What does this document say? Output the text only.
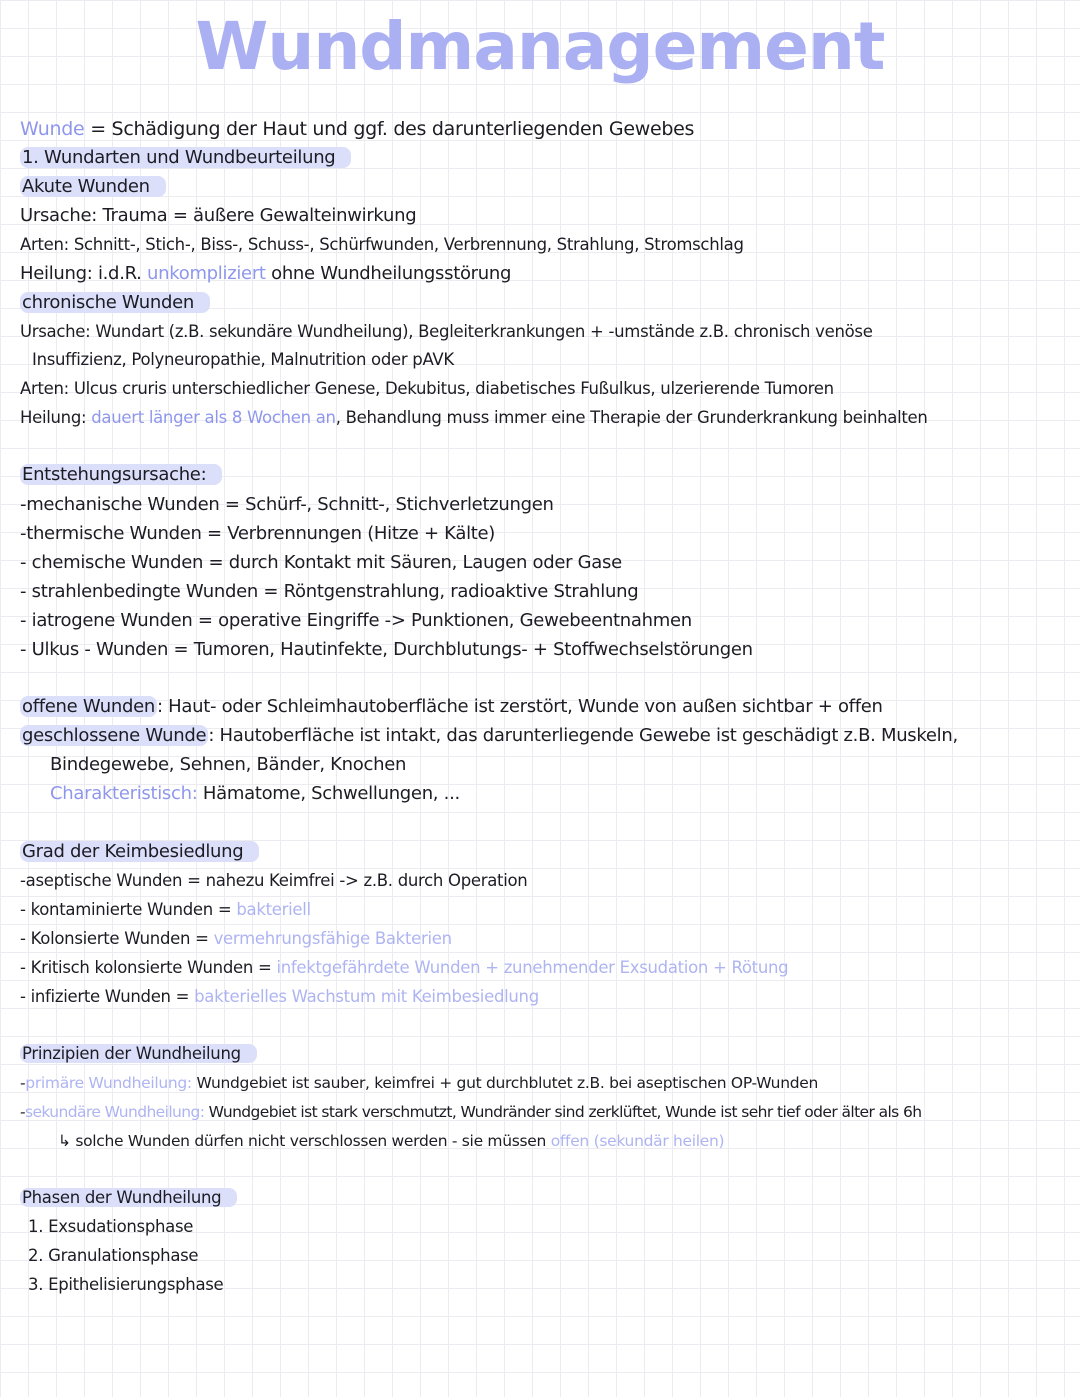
Wundmanagement
Wunde = Schädigung der Haut und ggf. des darunterliegenden Gewebes
1. Wundarten und Wundbeurteilung
Akute Wunden
Ursache: Trauma = äußere Gewalteinwirkung
Arten: Schnitt-, Stich-, Biss-, Schuss-, Schürfwunden, Verbrennung, Strahlung, Stromschlag
Heilung: i.d.R. unkompliziert ohne Wundheilungsstörung
chronische Wunden
Ursache: Wundart (z.B. sekundäre Wundheilung), Begleiterkrankungen + -umstände z.B. chronisch venöse
Insuffizienz, Polyneuropathie, Malnutrition oder pAVK
Arten: Ulcus cruris unterschiedlicher Genese, Dekubitus, diabetisches Fußulkus, ulzerierende Tumoren
Heilung: dauert länger als 8 Wochen an, Behandlung muss immer eine Therapie der Grunderkrankung beinhalten
Entstehungsursache:
-mechanische Wunden = Schürf-, Schnitt-, Stichverletzungen
-thermische Wunden = Verbrennungen (Hitze + Kälte)
- chemische Wunden = durch Kontakt mit Säuren, Laugen oder Gase
- strahlenbedingte Wunden = Röntgenstrahlung, radioaktive Strahlung
- iatrogene Wunden = operative Eingriffe -> Punktionen, Gewebeentnahmen
- Ulkus - Wunden = Tumoren, Hautinfekte, Durchblutungs- + Stoffwechselstörungen
offene Wunden : Haut- oder Schleimhautoberfläche ist zerstört, Wunde von außen sichtbar + offen
geschlossene Wunde : Hautoberfläche ist intakt, das darunterliegende Gewebe ist geschädigt z.B. Muskeln,
Bindegewebe, Sehnen, Bänder, Knochen
Charakteristisch: Hämatome, Schwellungen, ...
Grad der Keimbesiedlung
-aseptische Wunden = nahezu Keimfrei -> z.B. durch Operation
- kontaminierte Wunden = bakteriell
- Kolonsierte Wunden = vermehrungsfähige Bakterien
- Kritisch kolonsierte Wunden = infektgefährdete Wunden + zunehmender Exsudation + Rötung
- infizierte Wunden = bakterielles Wachstum mit Keimbesiedlung
Prinzipien der Wundheilung
-primäre Wundheilung: Wundgebiet ist sauber, keimfrei + gut durchblutet z.B. bei aseptischen OP-Wunden
-sekundäre Wundheilung: Wundgebiet ist stark verschmutzt, Wundränder sind zerklüftet, Wunde ist sehr tief oder älter als 6h
↳ solche Wunden dürfen nicht verschlossen werden - sie müssen offen (sekundär heilen)
Phasen der Wundheilung
1. Exsudationsphase
2. Granulationsphase
3. Epithelisierungsphase
